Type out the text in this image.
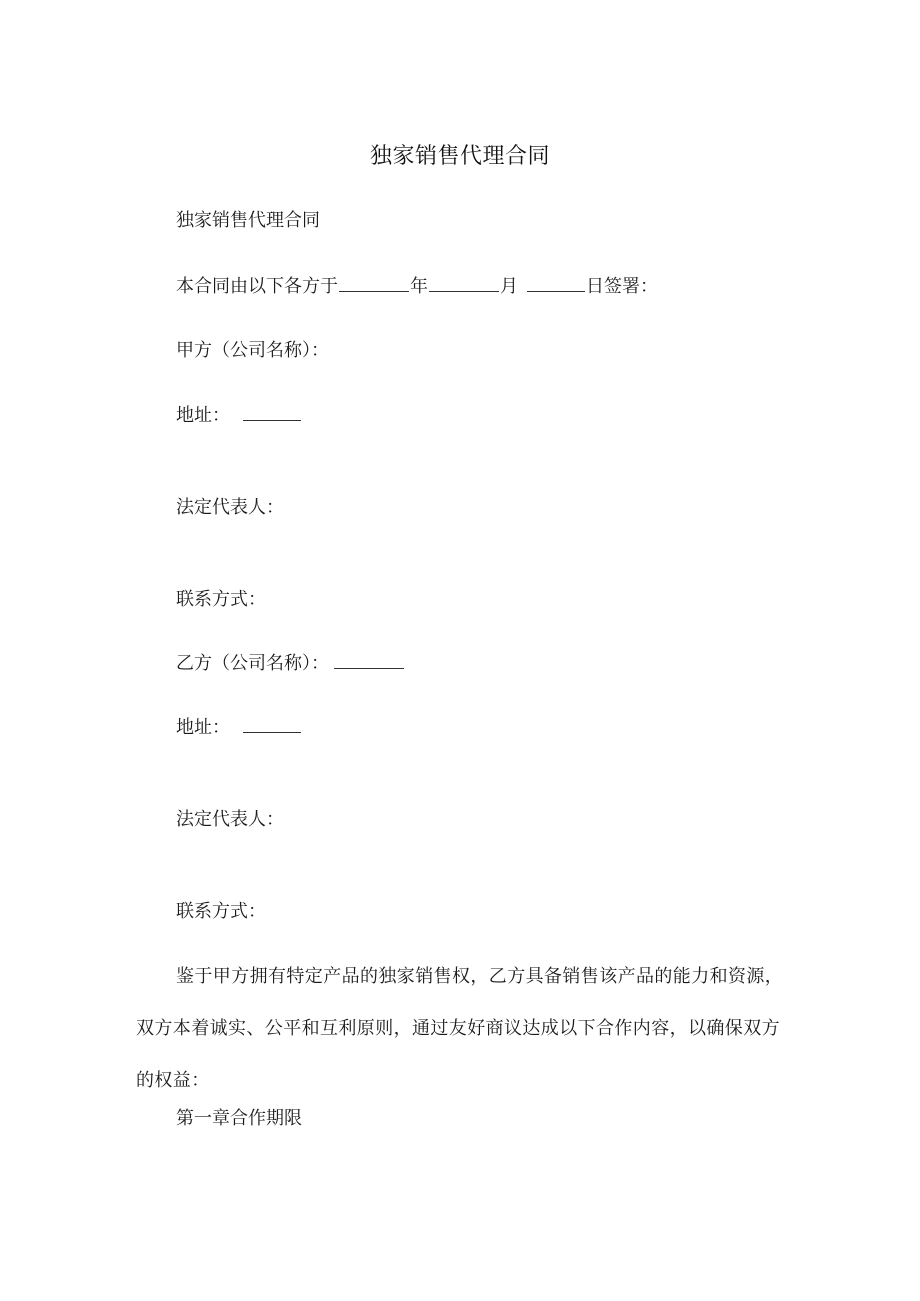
独家销售代理合同
独家销售代理合同
本合同由以下各方于	年	月	日签署：
甲方（公司名称）：
地址：
法定代表人：
联系方式：
乙方（公司名称）：
地址：
法定代表人：
联系方式：
鉴于甲方拥有特定产品的独家销售权，乙方具备销售该产品的能力和资源，双方本着诚实、公平和互利原则，通过友好商议达成以下合作内容，以确保双方的权益：
第一章合作期限
